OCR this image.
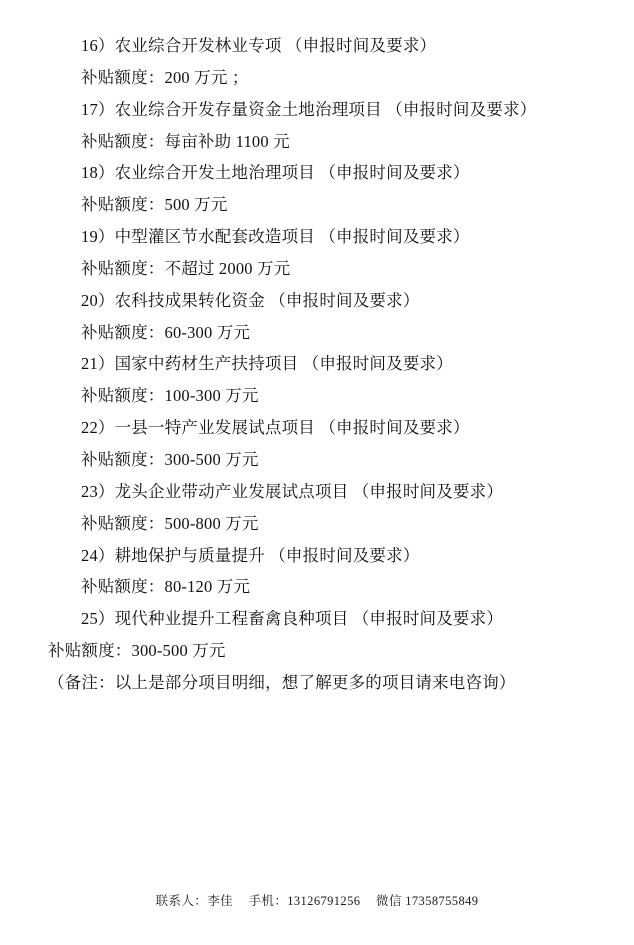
16）农业综合开发林业专项 （申报时间及要求）

补贴额度：200 万元 ；

17）农业综合开发存量资金土地治理项目 （申报时间及要求）

补贴额度：每亩补助 1100 元

18）农业综合开发土地治理项目 （申报时间及要求）

补贴额度：500 万元

19）中型灌区节水配套改造项目 （申报时间及要求）

补贴额度：不超过 2000 万元

20）农科技成果转化资金 （申报时间及要求）

补贴额度：60-300 万元

21）国家中药材生产扶持项目 （申报时间及要求）

补贴额度：100-300 万元

22）一县一特产业发展试点项目 （申报时间及要求）

补贴额度：300-500 万元

23）龙头企业带动产业发展试点项目 （申报时间及要求）

补贴额度：500-800 万元

24）耕地保护与质量提升 （申报时间及要求）

补贴额度：80-120 万元

25）现代种业提升工程畜禽良种项目 （申报时间及要求）

补贴额度：300-500 万元

（备注：以上是部分项目明细，想了解更多的项目请来电咨询）

联系人：李佳 手机：13126791256 微信 17358755849
